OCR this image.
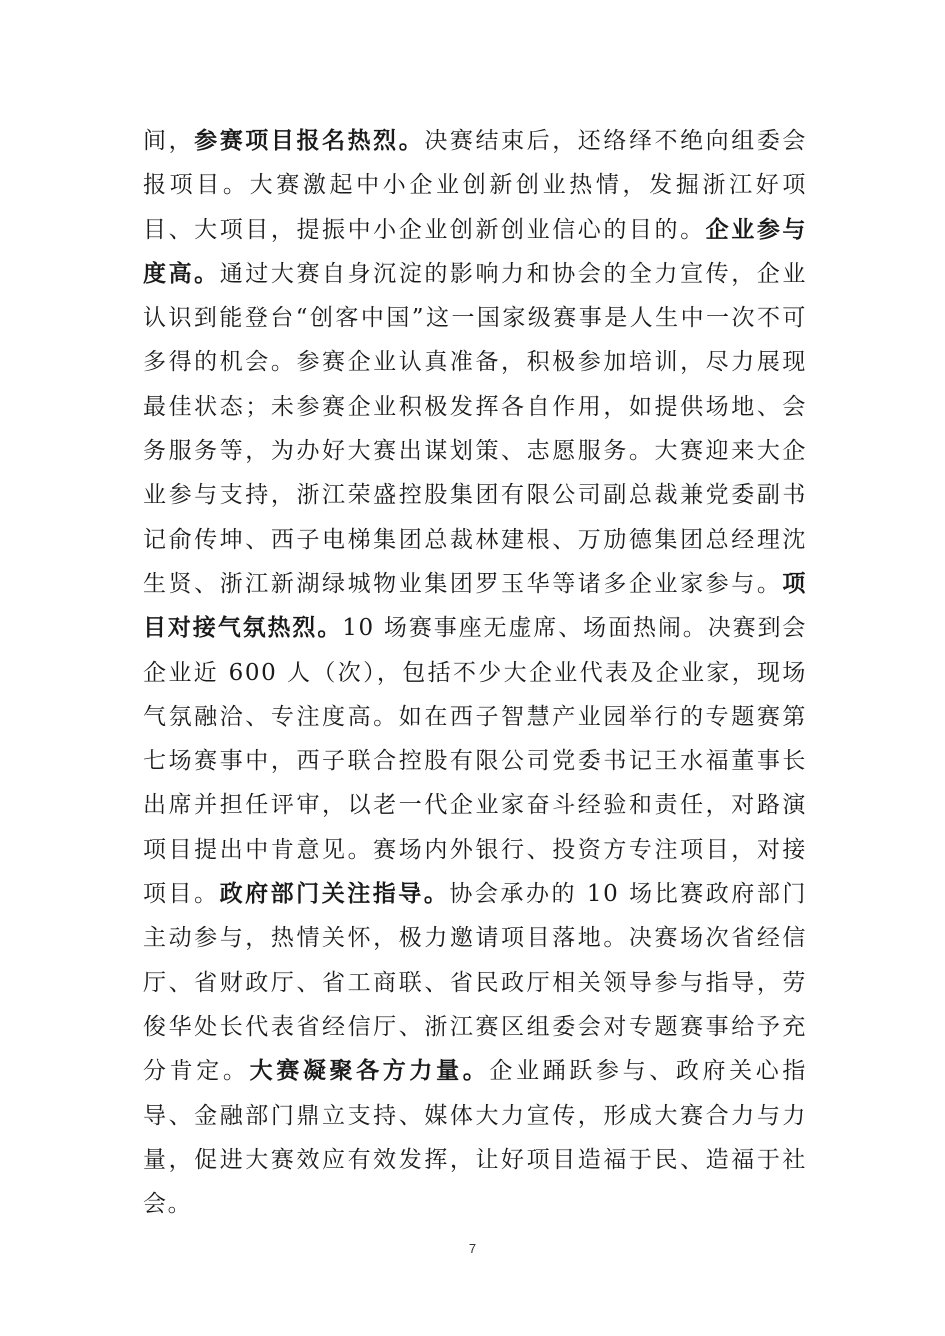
间，参赛项目报名热烈。决赛结束后，还络绎不绝向组委会报项目。大赛激起中小企业创新创业热情，发掘浙江好项目、大项目，提振中小企业创新创业信心的目的。企业参与度高。通过大赛自身沉淀的影响力和协会的全力宣传，企业认识到能登台“创客中国”这一国家级赛事是人生中一次不可多得的机会。参赛企业认真准备，积极参加培训，尽力展现最佳状态；未参赛企业积极发挥各自作用，如提供场地、会务服务等，为办好大赛出谋划策、志愿服务。大赛迎来大企业参与支持，浙江荣盛控股集团有限公司副总裁兼党委副书记俞传坤、西子电梯集团总裁林建根、万劢德集团总经理沈生贤、浙江新湖绿城物业集团罗玉华等诸多企业家参与。项目对接气氛热烈。10 场赛事座无虚席、场面热闹。决赛到会企业近 600 人（次），包括不少大企业代表及企业家，现场气氛融洽、专注度高。如在西子智慧产业园举行的专题赛第七场赛事中，西子联合控股有限公司党委书记王水福董事长出席并担任评审，以老一代企业家奋斗经验和责任，对路演项目提出中肯意见。赛场内外银行、投资方专注项目，对接项目。政府部门关注指导。协会承办的 10 场比赛政府部门主动参与，热情关怀，极力邀请项目落地。决赛场次省经信厅、省财政厅、省工商联、省民政厅相关领导参与指导，劳俊华处长代表省经信厅、浙江赛区组委会对专题赛事给予充分肯定。大赛凝聚各方力量。企业踊跃参与、政府关心指导、金融部门鼎立支持、媒体大力宣传，形成大赛合力与力量，促进大赛效应有效发挥，让好项目造福于民、造福于社会。

7
